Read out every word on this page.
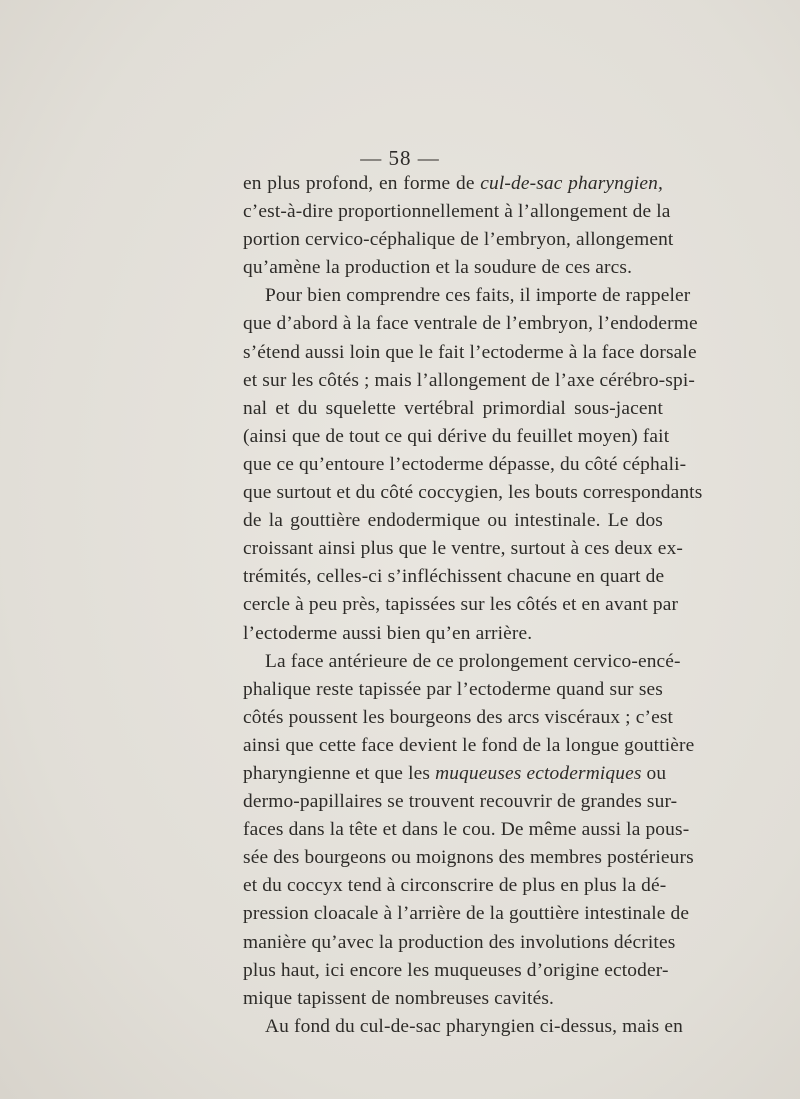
— 58 —
en plus profond, en forme de cul-de-sac pharyngien,
c’est-à-dire proportionnellement à l’allongement de la
portion cervico-céphalique de l’embryon, allongement
qu’amène la production et la soudure de ces arcs.
Pour bien comprendre ces faits, il importe de rappeler
que d’abord à la face ventrale de l’embryon, l’endoderme
s’étend aussi loin que le fait l’ectoderme à la face dorsale
et sur les côtés ; mais l’allongement de l’axe cérébro-spi-
nal et du squelette vertébral primordial sous-jacent
(ainsi que de tout ce qui dérive du feuillet moyen) fait
que ce qu’entoure l’ectoderme dépasse, du côté céphali-
que surtout et du côté coccygien, les bouts correspondants
de la gouttière endodermique ou intestinale. Le dos
croissant ainsi plus que le ventre, surtout à ces deux ex-
trémités, celles-ci s’infléchissent chacune en quart de
cercle à peu près, tapissées sur les côtés et en avant par
l’ectoderme aussi bien qu’en arrière.
La face antérieure de ce prolongement cervico-encé-
phalique reste tapissée par l’ectoderme quand sur ses
côtés poussent les bourgeons des arcs viscéraux ; c’est
ainsi que cette face devient le fond de la longue gouttière
pharyngienne et que les muqueuses ectodermiques ou
dermo-papillaires se trouvent recouvrir de grandes sur-
faces dans la tête et dans le cou. De même aussi la pous-
sée des bourgeons ou moignons des membres postérieurs
et du coccyx tend à circonscrire de plus en plus la dé-
pression cloacale à l’arrière de la gouttière intestinale de
manière qu’avec la production des involutions décrites
plus haut, ici encore les muqueuses d’origine ectoder-
mique tapissent de nombreuses cavités.
Au fond du cul-de-sac pharyngien ci-dessus, mais en
